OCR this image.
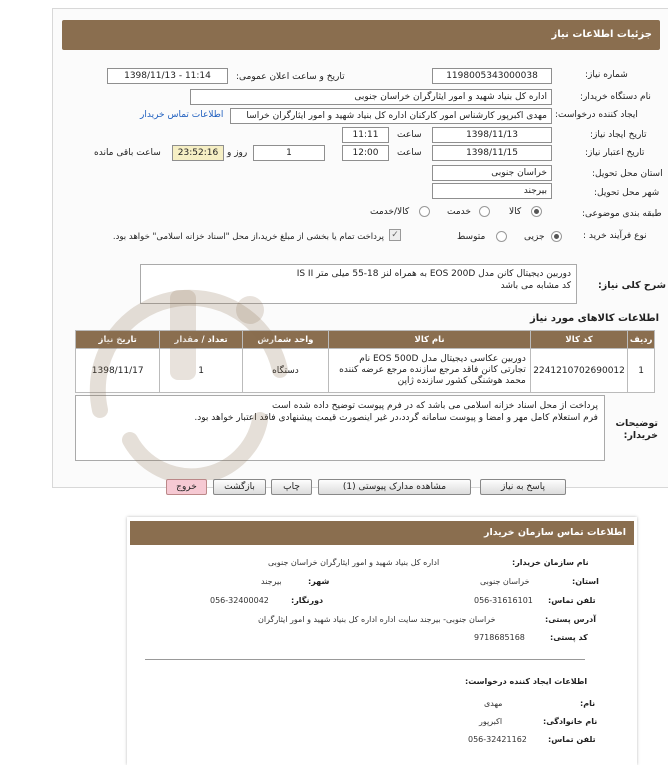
جزئیات اطلاعات نیاز
شماره نیاز:
1198005343000038
تاریخ و ساعت اعلان عمومی:
1398/11/13 - 11:14
نام دستگاه خریدار:
اداره کل بنیاد شهید و امور ایثارگران خراسان جنوبی
ایجاد کننده درخواست:
مهدی اکبرپور کارشناس امور کارکنان اداره کل بنیاد شهید و امور ایثارگران خراسا
اطلاعات تماس خریدار
تاریخ ایجاد نیاز:
1398/11/13
ساعت
11:11
تاریخ اعتبار نیاز:
1398/11/15
ساعت
12:00
1
روز و
23:52:16
ساعت باقی مانده
استان محل تحویل:
خراسان جنوبی
شهر محل تحویل:
بیرجند
طبقه بندی موضوعی:
کالا
خدمت
کالا/خدمت
نوع فرآیند خرید :
جزیی
متوسط
✓
پرداخت تمام یا بخشی از مبلغ خرید،از محل "اسناد خزانه اسلامی" خواهد بود.
شرح کلی نیاز:
دوربین دیجیتال کانن مدل EOS 200D به همراه لنز 18-55 میلی متر IS II
کد مشابه می باشد
اطلاعات کالاهای مورد نیاز
ردیف	کد کالا	نام کالا	واحد شمارش	تعداد / مقدار	تاریخ نیاز
1	2241210702690012	دوربین عکاسی دیجیتال مدل EOS 500D نام تجارتی کانن فاقد مرجع سازنده مرجع عرضه کننده محمد هوشنگی کشور سازنده ژاپن	دستگاه	1	1398/11/17
توضیحات خریدار:
پرداخت از محل اسناد خزانه اسلامی می باشد که در فرم پیوست توضیح داده شده است
فرم استعلام کامل مهر و امضا و پیوست سامانه گردد،در غیر اینصورت قیمت پیشنهادی فاقد اعتبار خواهد بود.
پاسخ به نیاز
مشاهده مدارک پیوستی (1)
چاپ
بازگشت
خروج
اطلاعات تماس سازمان خریدار
نام سازمان خریدار:
اداره کل بنیاد شهید و امور ایثارگران خراسان جنوبی
استان:
خراسان جنوبی
شهر:
بیرجند
تلفن تماس:
056-31616101
دورنگار:
056-32400042
آدرس پستی:
خراسان جنوبی- بیرجند سایت اداره اداره کل بنیاد شهید و امور ایثارگران
کد پستی:
9718685168
اطلاعات ایجاد کننده درخواست:
نام:
مهدی
نام خانوادگی:
اکبرپور
تلفن تماس:
056-32421162
